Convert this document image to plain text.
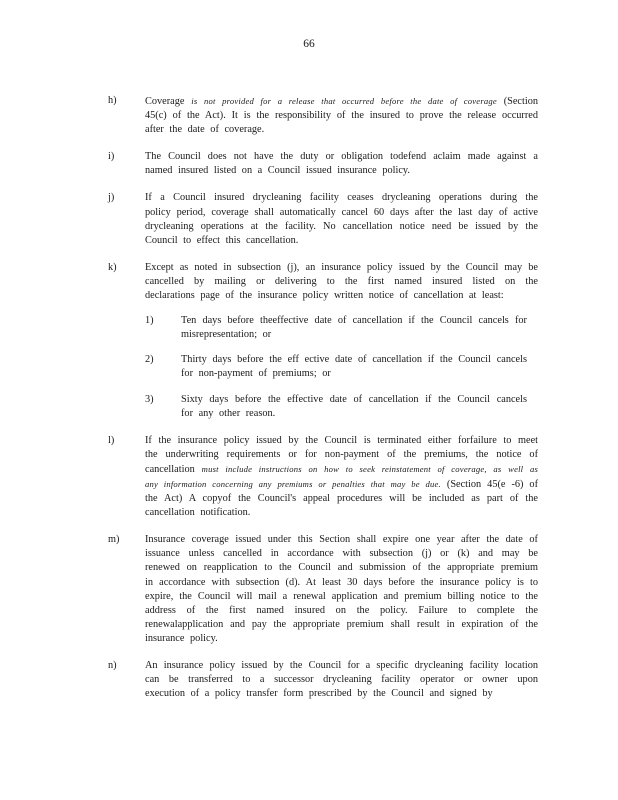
66
h)	Coverage is not provided for a release that occurred before the date of coverage (Section 45(c) of the Act). It is the responsibility of the insured to prove the release occurred after the date of coverage.
i)	The Council does not have the duty or obligation todefend aclaim made against a named insured listed on a Council issued insurance policy.
j)	If a Council insured drycleaning facility ceases drycleaning operations during the policy period, coverage shall automatically cancel 60 days after the last day of active drycleaning operations at the facility. No cancellation notice need be issued by the Council to effect this cancellation.
k)	Except as noted in subsection (j), an insurance policy issued by the Council may be cancelled by mailing or delivering to the first named insured listed on the declarations page of the insurance policy written notice of cancellation at least:
1)	Ten days before theeffective date of cancellation if the Council cancels for misrepresentation; or
2)	Thirty days before the eff ective date of cancellation if the Council cancels for non-payment of premiums; or
3)	Sixty days before the effective date of cancellation if the Council cancels for any other reason.
l)	If the insurance policy issued by the Council is terminated either forfailure to meet the underwriting requirements or for non-payment of the premiums, the notice of cancellation must include instructions on how to seek reinstatement of coverage, as well as any information concerning any premiums or penalties that may be due. (Section 45(e -6) of the Act) A copyof the Council's appeal procedures will be included as part of the cancellation notification.
m) Insurance coverage issued under this Section shall expire one year after the date of issuance unless cancelled in accordance with subsection (j) or (k) and may be renewed on reapplication to the Council and submission of the appropriate premium in accordance with subsection (d). At least 30 days before the insurance policy is to expire, the Council will mail a renewal application and premium billing notice to the address of the first named insured on the policy. Failure to complete the renewalapplication and pay the appropriate premium shall result in expiration of the insurance policy.
n)	An insurance policy issued by the Council for a specific drycleaning facility location can be transferred to a successor drycleaning facility operator or owner upon execution of a policy transfer form prescribed by the Council and signed by
